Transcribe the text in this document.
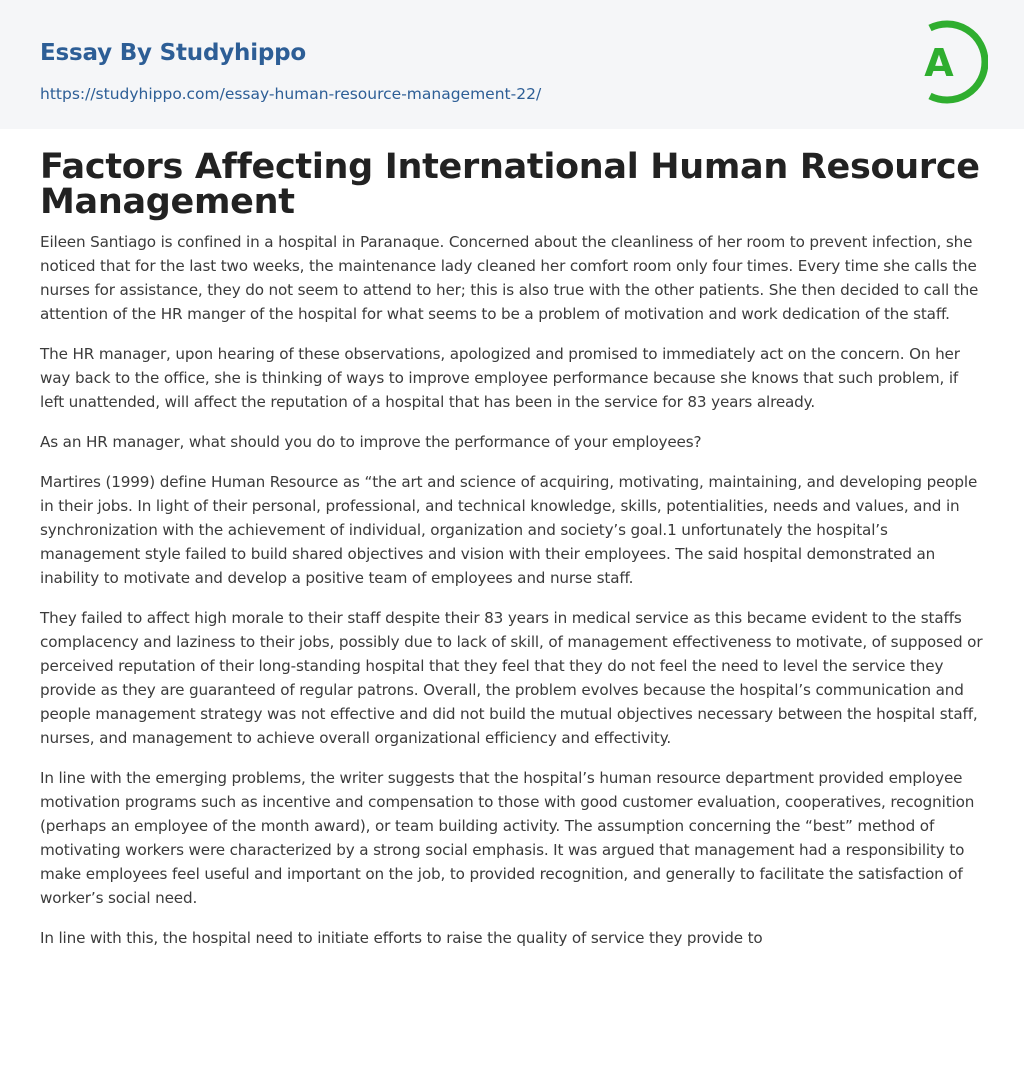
Essay By Studyhippo
https://studyhippo.com/essay-human-resource-management-22/
A
Factors Affecting International Human Resource Management

Eileen Santiago is confined in a hospital in Paranaque. Concerned about the cleanliness of her room to prevent infection, she noticed that for the last two weeks, the maintenance lady cleaned her comfort room only four times. Every time she calls the nurses for assistance, they do not seem to attend to her; this is also true with the other patients. She then decided to call the attention of the HR manger of the hospital for what seems to be a problem of motivation and work dedication of the staff.

The HR manager, upon hearing of these observations, apologized and promised to immediately act on the concern. On her way back to the office, she is thinking of ways to improve employee performance because she knows that such problem, if left unattended, will affect the reputation of a hospital that has been in the service for 83 years already.

As an HR manager, what should you do to improve the performance of your employees?

Martires (1999) define Human Resource as “the art and science of acquiring, motivating, maintaining, and developing people in their jobs. In light of their personal, professional, and technical knowledge, skills, potentialities, needs and values, and in synchronization with the achievement of individual, organization and society’s goal.1 unfortunately the hospital’s management style failed to build shared objectives and vision with their employees. The said hospital demonstrated an inability to motivate and develop a positive team of employees and nurse staff.

They failed to affect high morale to their staff despite their 83 years in medical service as this became evident to the staffs complacency and laziness to their jobs, possibly due to lack of skill, of management effectiveness to motivate, of supposed or perceived reputation of their long-standing hospital that they feel that they do not feel the need to level the service they provide as they are guaranteed of regular patrons. Overall, the problem evolves because the hospital’s communication and people management strategy was not effective and did not build the mutual objectives necessary between the hospital staff, nurses, and management to achieve overall organizational efficiency and effectivity.

In line with the emerging problems, the writer suggests that the hospital’s human resource department provided employee motivation programs such as incentive and compensation to those with good customer evaluation, cooperatives, recognition (perhaps an employee of the month award), or team building activity. The assumption concerning the “best” method of motivating workers were characterized by a strong social emphasis. It was argued that management had a responsibility to make employees feel useful and important on the job, to provided recognition, and generally to facilitate the satisfaction of worker’s social need.

In line with this, the hospital need to initiate efforts to raise the quality of service they provide to
